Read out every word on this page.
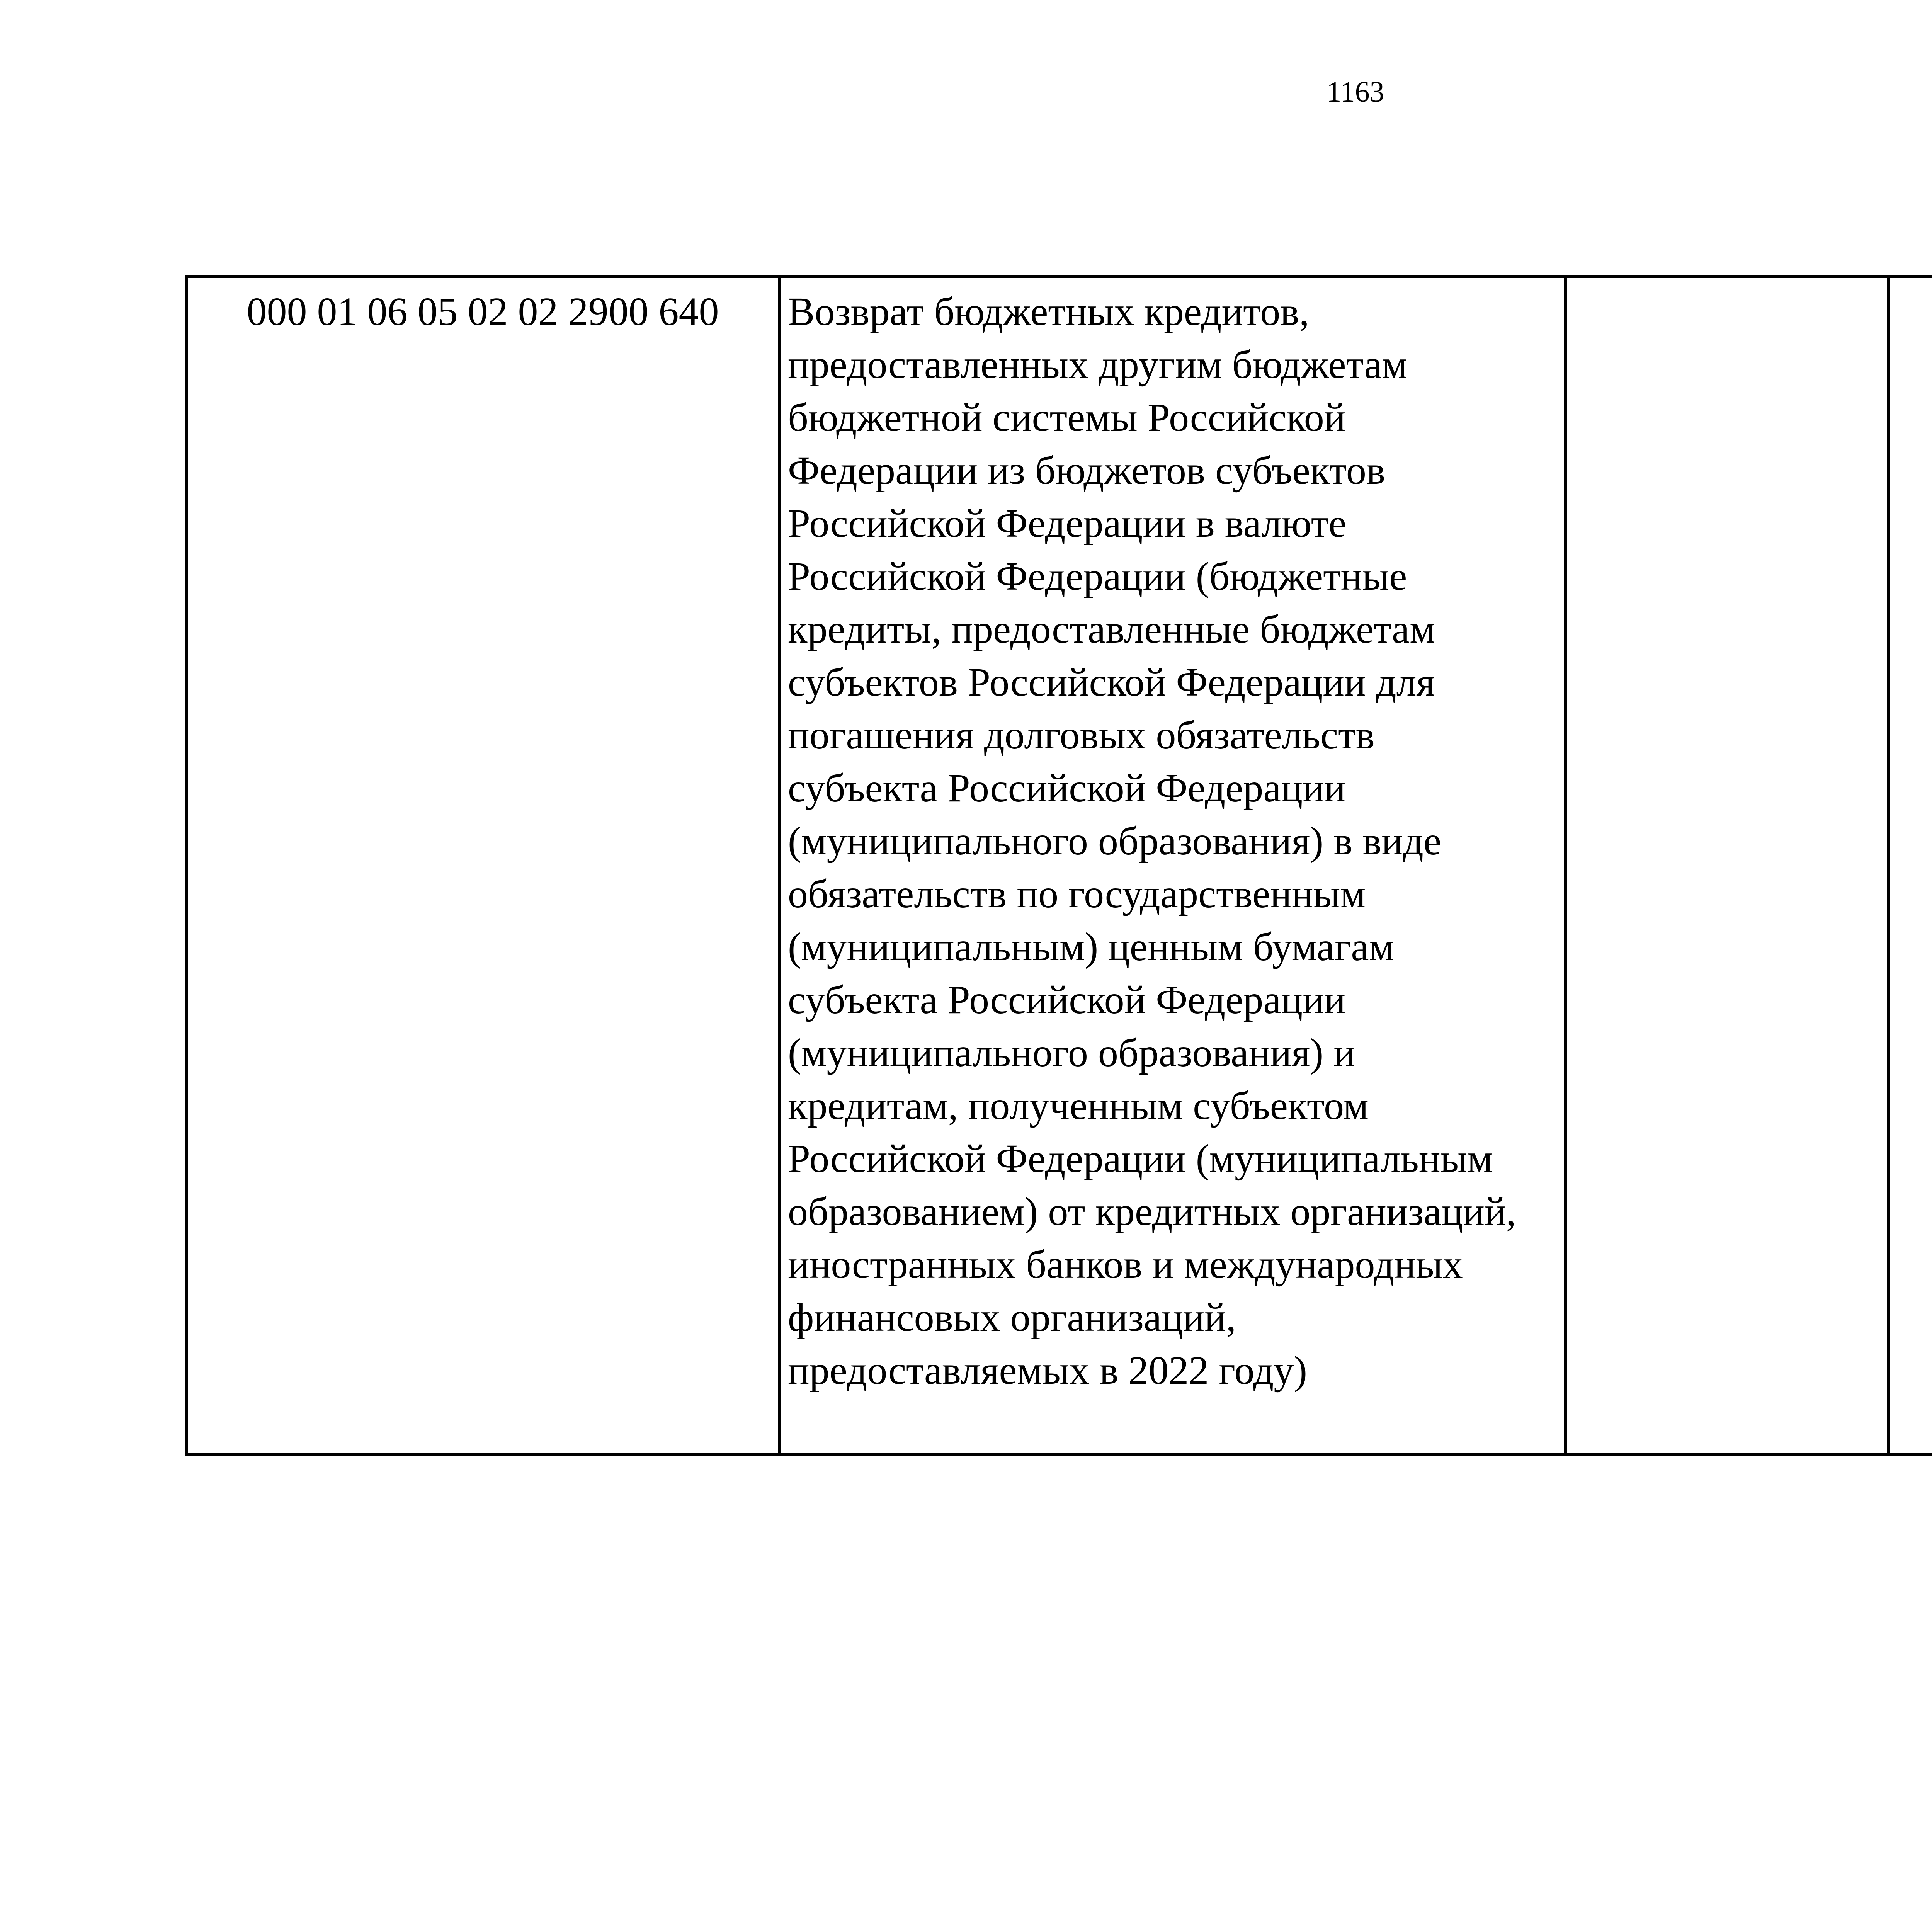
1163
000 01 06 05 02 02 2900 640	Возврат бюджетных кредитов,
предоставленных другим бюджетам
бюджетной системы Российской
Федерации из бюджетов субъектов
Российской Федерации в валюте
Российской Федерации (бюджетные
кредиты, предоставленные бюджетам
субъектов Российской Федерации для
погашения долговых обязательств
субъекта Российской Федерации
(муниципального образования) в виде
обязательств по государственным
(муниципальным) ценным бумагам
субъекта Российской Федерации
(муниципального образования) и
кредитам, полученным субъектом
Российской Федерации (муниципальным
образованием) от кредитных организаций,
иностранных банков и международных
финансовых организаций,
предоставляемых в 2022 году)
